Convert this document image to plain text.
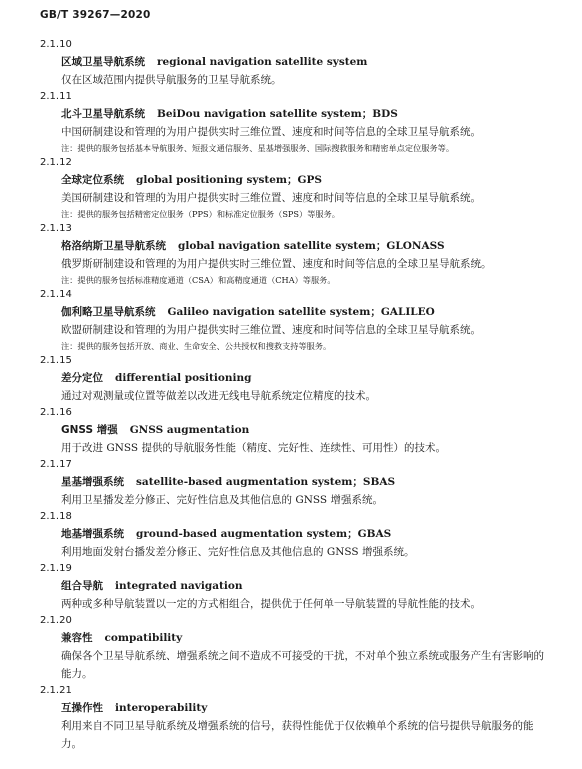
GB/T 39267—2020
2.1.10
区域卫星导航系统 regional navigation satellite system
仅在区域范围内提供导航服务的卫星导航系统。
2.1.11
北斗卫星导航系统 BeiDou navigation satellite system；BDS
中国研制建设和管理的为用户提供实时三维位置、速度和时间等信息的全球卫星导航系统。
注：提供的服务包括基本导航服务、短报文通信服务、星基增强服务、国际搜救服务和精密单点定位服务等。
2.1.12
全球定位系统 global positioning system；GPS
美国研制建设和管理的为用户提供实时三维位置、速度和时间等信息的全球卫星导航系统。
注：提供的服务包括精密定位服务（PPS）和标准定位服务（SPS）等服务。
2.1.13
格洛纳斯卫星导航系统 global navigation satellite system；GLONASS
俄罗斯研制建设和管理的为用户提供实时三维位置、速度和时间等信息的全球卫星导航系统。
注：提供的服务包括标准精度通道（CSA）和高精度通道（CHA）等服务。
2.1.14
伽利略卫星导航系统 Galileo navigation satellite system；GALILEO
欧盟研制建设和管理的为用户提供实时三维位置、速度和时间等信息的全球卫星导航系统。
注：提供的服务包括开放、商业、生命安全、公共授权和搜救支持等服务。
2.1.15
差分定位 differential positioning
通过对观测量或位置等做差以改进无线电导航系统定位精度的技术。
2.1.16
GNSS 增强 GNSS augmentation
用于改进 GNSS 提供的导航服务性能（精度、完好性、连续性、可用性）的技术。
2.1.17
星基增强系统 satellite-based augmentation system；SBAS
利用卫星播发差分修正、完好性信息及其他信息的 GNSS 增强系统。
2.1.18
地基增强系统 ground-based augmentation system；GBAS
利用地面发射台播发差分修正、完好性信息及其他信息的 GNSS 增强系统。
2.1.19
组合导航 integrated navigation
两种或多种导航装置以一定的方式相组合，提供优于任何单一导航装置的导航性能的技术。
2.1.20
兼容性 compatibility
确保各个卫星导航系统、增强系统之间不造成不可接受的干扰，不对单个独立系统或服务产生有害影响的能力。
2.1.21
互操作性 interoperability
利用来自不同卫星导航系统及增强系统的信号，获得性能优于仅依赖单个系统的信号提供导航服务的能力。
